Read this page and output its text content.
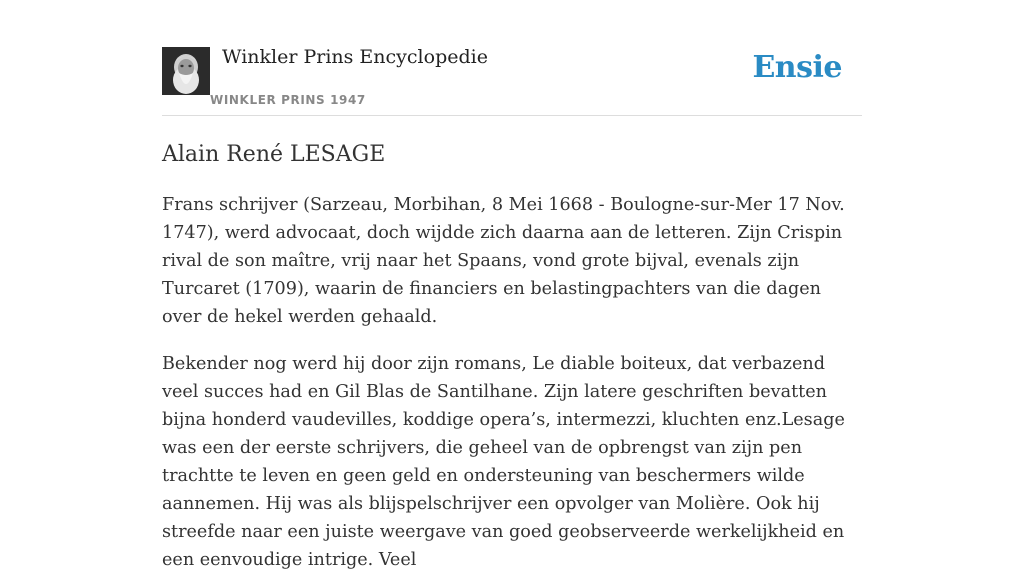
Winkler Prins Encyclopedie

WINKLER PRINS 1947
Ensie
Alain René LESAGE

Frans schrijver (Sarzeau, Morbihan, 8 Mei 1668 - Boulogne-sur-Mer 17 Nov. 1747), werd advocaat, doch wijdde zich daarna aan de letteren. Zijn Crispin rival de son maître, vrij naar het Spaans, vond grote bijval, evenals zijn Turcaret (1709), waarin de financiers en belastingpachters van die dagen over de hekel werden gehaald.

Bekender nog werd hij door zijn romans, Le diable boiteux, dat verbazend veel succes had en Gil Blas de Santilhane. Zijn latere geschriften bevatten bijna honderd vaudevilles, koddige opera’s, intermezzi, kluchten enz.Lesage was een der eerste schrijvers, die geheel van de opbrengst van zijn pen trachtte te leven en geen geld en ondersteuning van beschermers wilde aannemen. Hij was als blijspelschrijver een opvolger van Molière. Ook hij streefde naar een juiste weergave van goed geobserveerde werkelijkheid en een eenvoudige intrige. Veel
